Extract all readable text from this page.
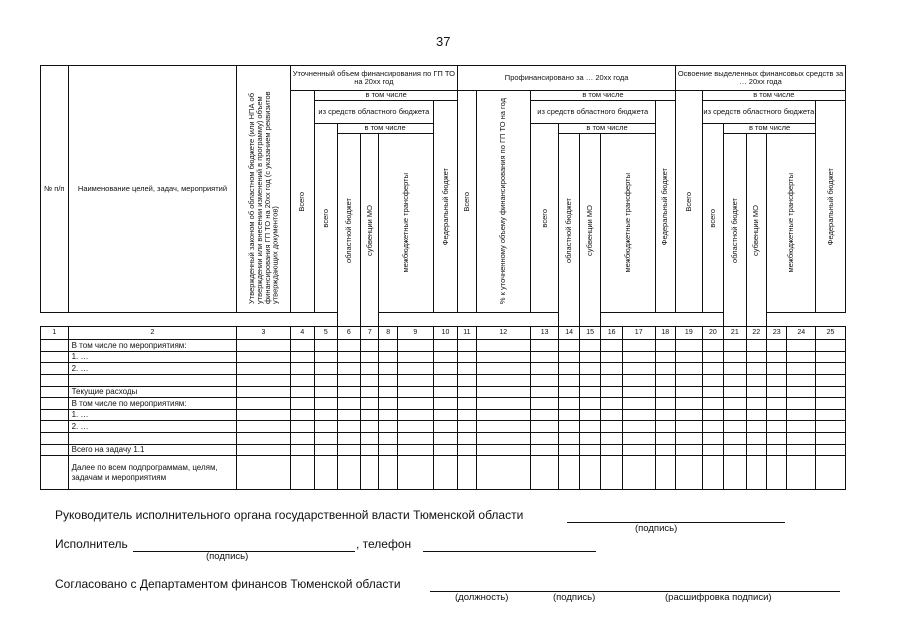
37
№ п/п	Наименование целей, задач, мероприятий	Утвержденный законом об областном бюджете (или НПА об утверждении или внесении изменений в программу) объем финансирования ГП ТО на 20хх год (с указанием реквизитов утверждающих документов)	Уточненный объем финансирования по ГП ТО на 20хх год							Профинансировано за … 20хх года								Освоение выделенных финансовых средств за … 20хх года						

			Всего	в том числе						Всего	% к уточненному объему финансирования по ГП ТО на год	в том числе						Всего	в том числе					
				из средств областного бюджета					Федеральный бюджет			из средств областного бюджета					Федеральный бюджет		из средств областного бюджета					Федеральный бюджет

				всего	в том числе							всего	в том числе						всего	в том числе				

					областной бюджет	субвенции МО	межбюджетные трансферты						областной бюджет	субвенции МО	межбюджетные трансферты					областной бюджет	субвенции МО	межбюджетные трансферты		

1	2	3	4	5	6	7	8	9	10	11	12	13	14	15	16	17	18	19	20	21	22	23	24	25
	В том числе по мероприятиям:																							
	1. …																							
	2. …																							

	Текущие расходы																							
	В том числе по мероприятиям:																							
	1. …																							
	2. …																							

	Всего на задачу 1.1																							
	Далее по всем подпрограммам, целям, задачам и мероприятиям																							
Руководитель исполнительного органа государственной власти Тюменской области
(подпись)
Исполнитель	, телефон
(подпись)
Согласовано с Департаментом финансов Тюменской области
(должность)	(подпись)	(расшифровка подписи)
